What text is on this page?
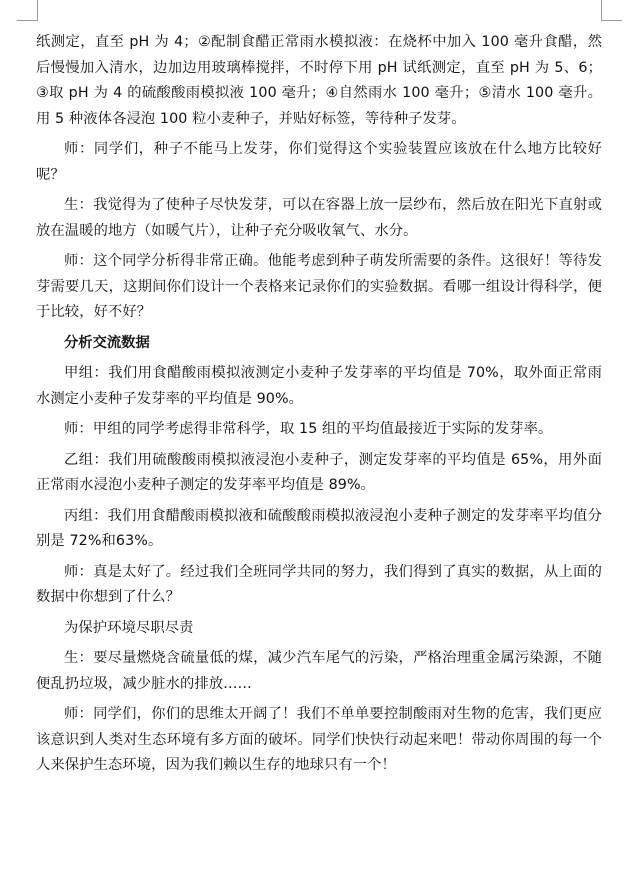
纸测定，直至 pH 为 4；②配制食醋正常雨水模拟液：在烧杯中加入 100 毫升食醋，然后慢慢加入清水，边加边用玻璃棒搅拌，不时停下用 pH 试纸测定，直至 pH 为 5、6；③取 pH 为 4 的硫酸酸雨模拟液 100 毫升；④自然雨水 100 毫升；⑤清水 100 毫升。用 5 种液体各浸泡 100 粒小麦种子，并贴好标签，等待种子发芽。

师：同学们，种子不能马上发芽，你们觉得这个实验装置应该放在什么地方比较好呢？

生：我觉得为了使种子尽快发芽，可以在容器上放一层纱布，然后放在阳光下直射或放在温暖的地方（如暖气片），让种子充分吸收氧气、水分。

师：这个同学分析得非常正确。他能考虑到种子萌发所需要的条件。这很好！等待发芽需要几天，这期间你们设计一个表格来记录你们的实验数据。看哪一组设计得科学，便于比较，好不好？

分析交流数据

甲组：我们用食醋酸雨模拟液测定小麦种子发芽率的平均值是 70%，取外面正常雨水测定小麦种子发芽率的平均值是 90%。

师：甲组的同学考虑得非常科学，取 15 组的平均值最接近于实际的发芽率。

乙组：我们用硫酸酸雨模拟液浸泡小麦种子，测定发芽率的平均值是 65%，用外面正常雨水浸泡小麦种子测定的发芽率平均值是 89%。

丙组：我们用食醋酸雨模拟液和硫酸酸雨模拟液浸泡小麦种子测定的发芽率平均值分别是 72%和63%。

师：真是太好了。经过我们全班同学共同的努力，我们得到了真实的数据，从上面的数据中你想到了什么？

为保护环境尽职尽责

生：要尽量燃烧含硫量低的煤，减少汽车尾气的污染，严格治理重金属污染源，不随便乱扔垃圾，减少脏水的排放……

师：同学们，你们的思维太开阔了！我们不单单要控制酸雨对生物的危害，我们更应该意识到人类对生态环境有多方面的破坏。同学们快快行动起来吧！带动你周围的每一个人来保护生态环境，因为我们赖以生存的地球只有一个！
